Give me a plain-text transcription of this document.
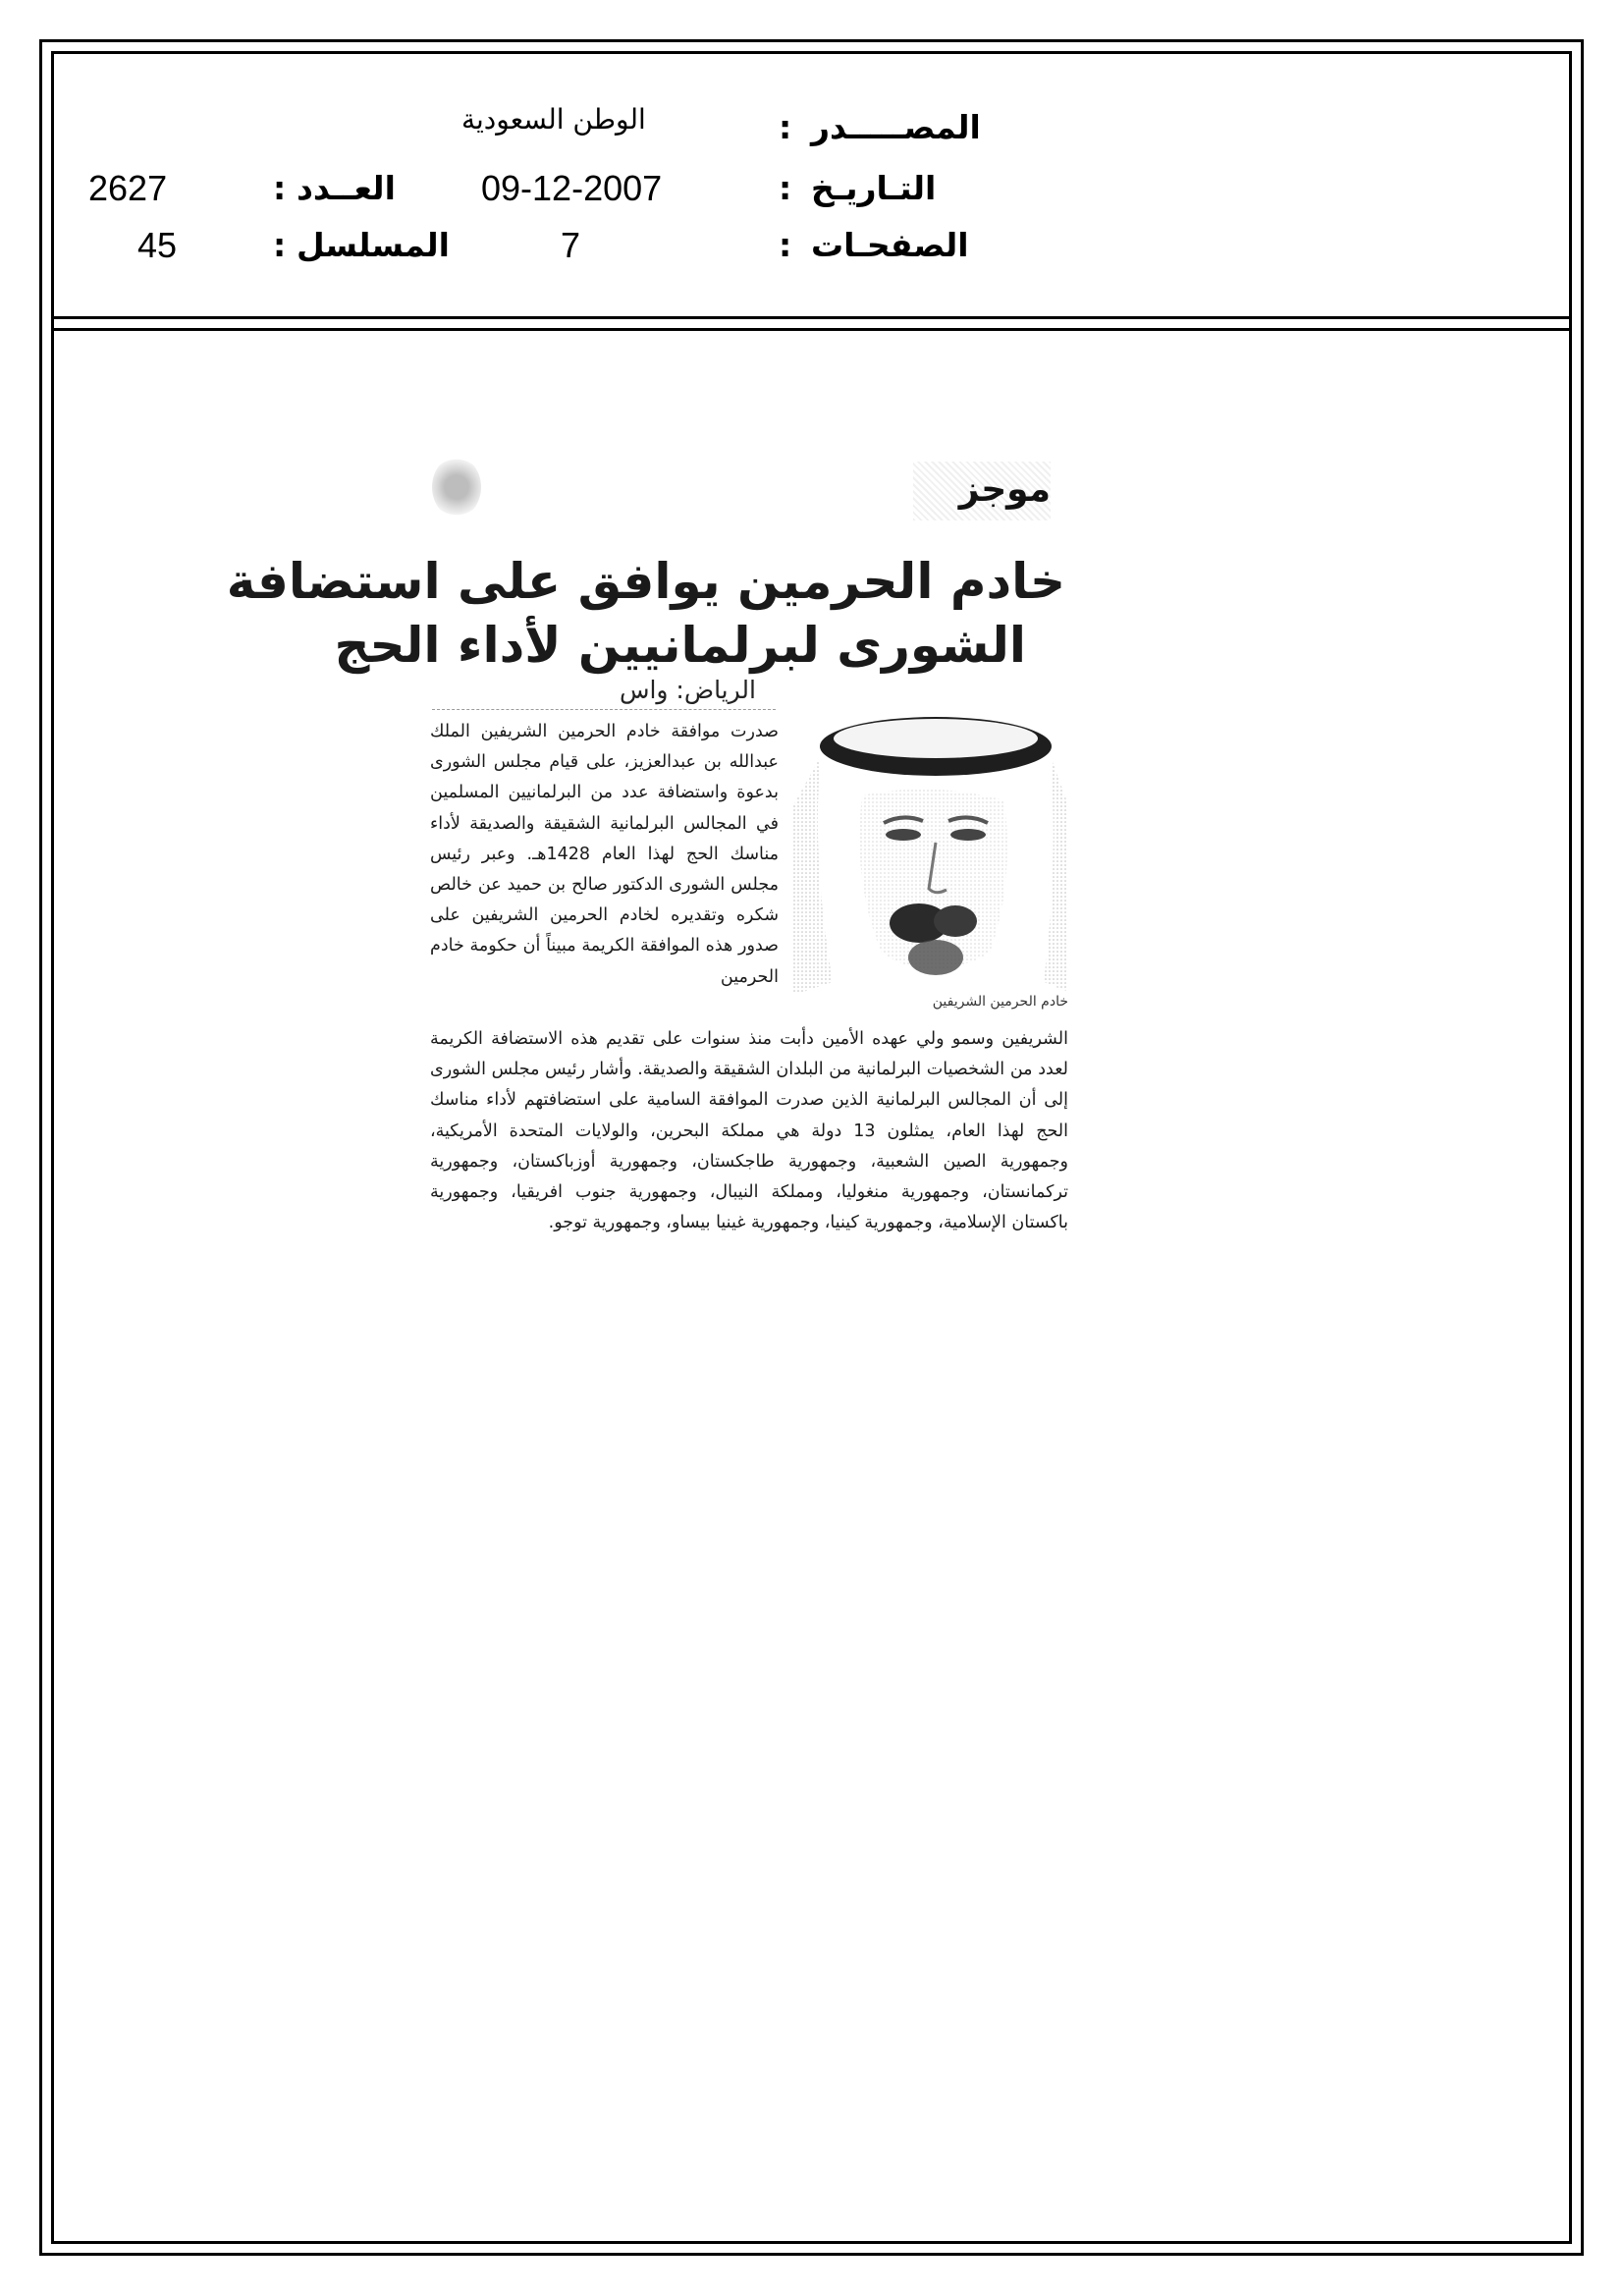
المصـــــدر
:
الوطن السعودية
التـاريـخ
:
09-12-2007
العــدد
:
2627
الصفحـات
:
7
المسلسل
:
45
موجز
خادم الحرمين يوافق على استضافة
الشورى لبرلمانيين لأداء الحج
الرياض: واس
خادم الحرمين الشريفين
صدرت موافقة خادم الحرمين الشريفين الملك عبدالله بن عبدالعزيز، على قيام مجلس الشورى بدعوة واستضافة عدد من البرلمانيين المسلمين في المجالس البرلمانية الشقيقة والصديقة لأداء مناسك الحج لهذا العام 1428هـ. وعبر رئيس مجلس الشورى الدكتور صالح بن حميد عن خالص شكره وتقديره لخادم الحرمين الشريفين على صدور هذه الموافقة الكريمة مبيناً أن حكومة خادم الحرمين
الشريفين وسمو ولي عهده الأمين دأبت منذ سنوات على تقديم هذه الاستضافة الكريمة لعدد من الشخصيات البرلمانية من البلدان الشقيقة والصديقة. وأشار رئيس مجلس الشورى إلى أن المجالس البرلمانية الذين صدرت الموافقة السامية على استضافتهم لأداء مناسك الحج لهذا العام، يمثلون 13 دولة هي مملكة البحرين، والولايات المتحدة الأمريكية، وجمهورية الصين الشعبية، وجمهورية طاجكستان، وجمهورية أوزباكستان، وجمهورية تركمانستان، وجمهورية منغوليا، ومملكة النيبال، وجمهورية جنوب افريقيا، وجمهورية باكستان الإسلامية، وجمهورية كينيا، وجمهورية غينيا بيساو، وجمهورية توجو.
